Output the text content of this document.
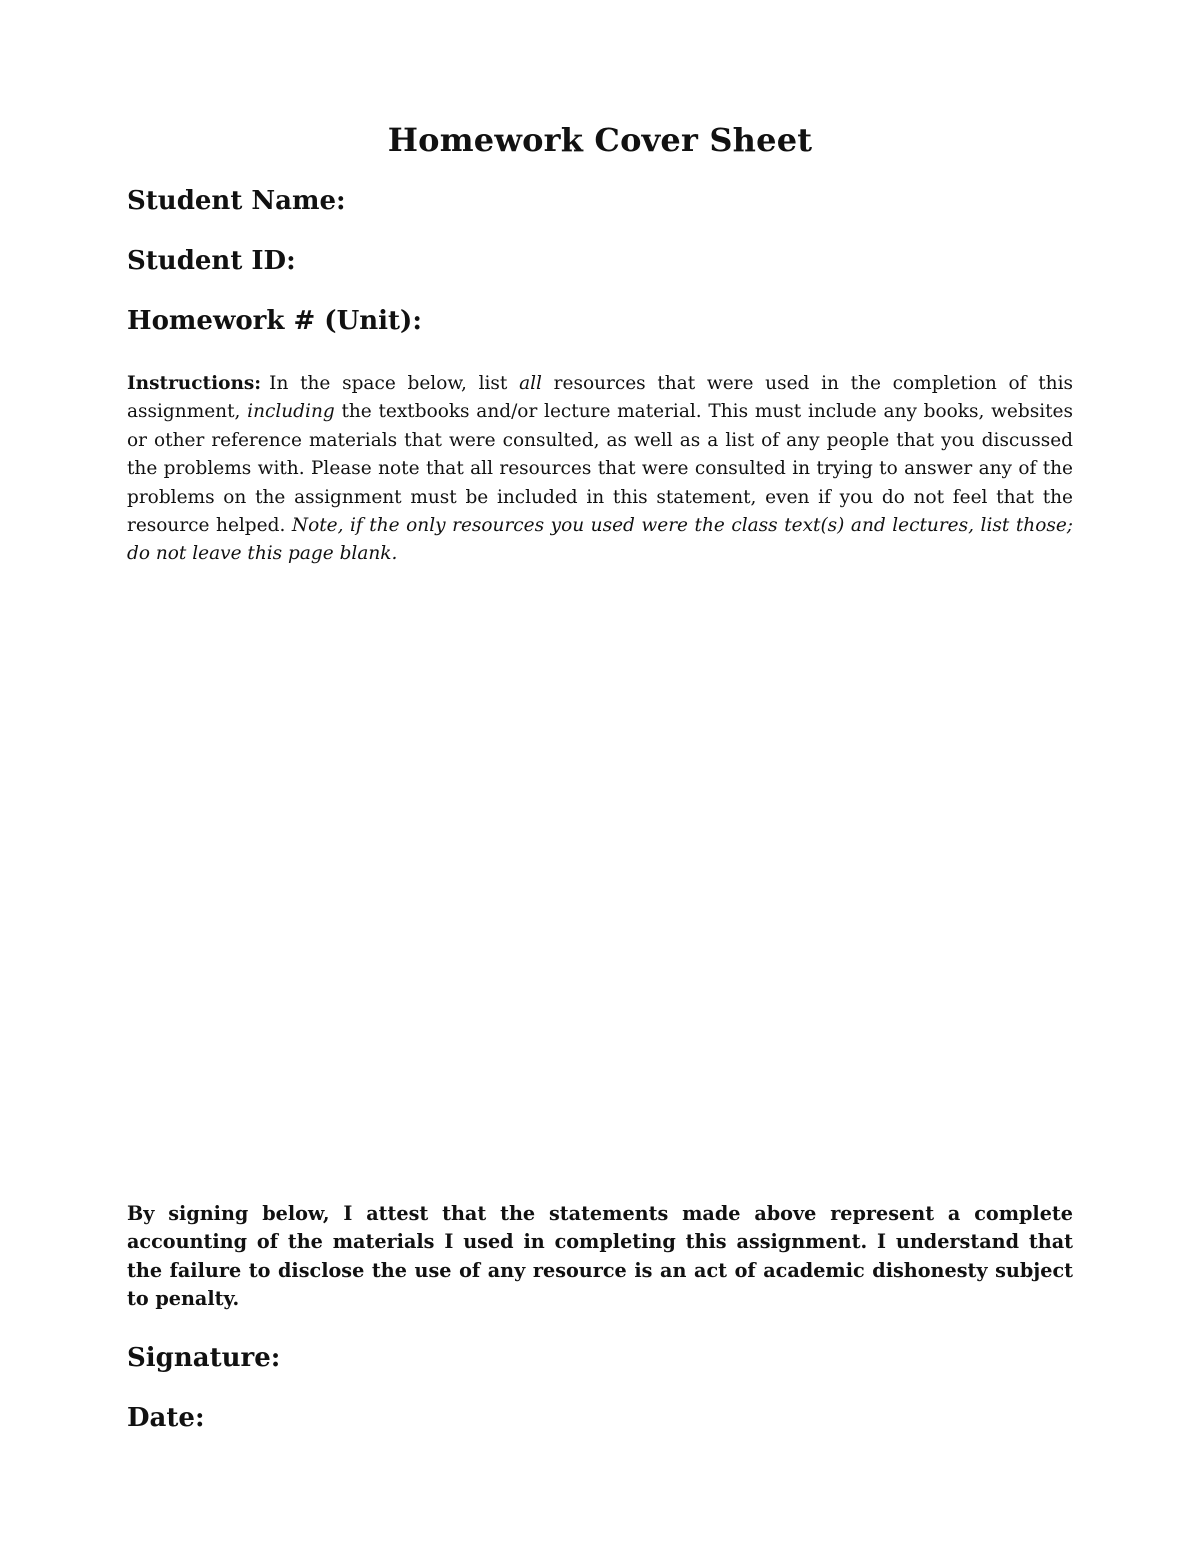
Homework Cover Sheet
Student Name:
Student ID:
Homework # (Unit):
Instructions: In the space below, list all resources that were used in the completion of this assignment, including the textbooks and/or lecture material. This must include any books, websites or other reference materials that were consulted, as well as a list of any people that you discussed the problems with. Please note that all resources that were consulted in trying to answer any of the problems on the assignment must be included in this statement, even if you do not feel that the resource helped. Note, if the only resources you used were the class text(s) and lectures, list those; do not leave this page blank.
By signing below, I attest that the statements made above represent a complete accounting of the materials I used in completing this assignment. I understand that the failure to disclose the use of any resource is an act of academic dishonesty subject to penalty.
Signature:
Date:
